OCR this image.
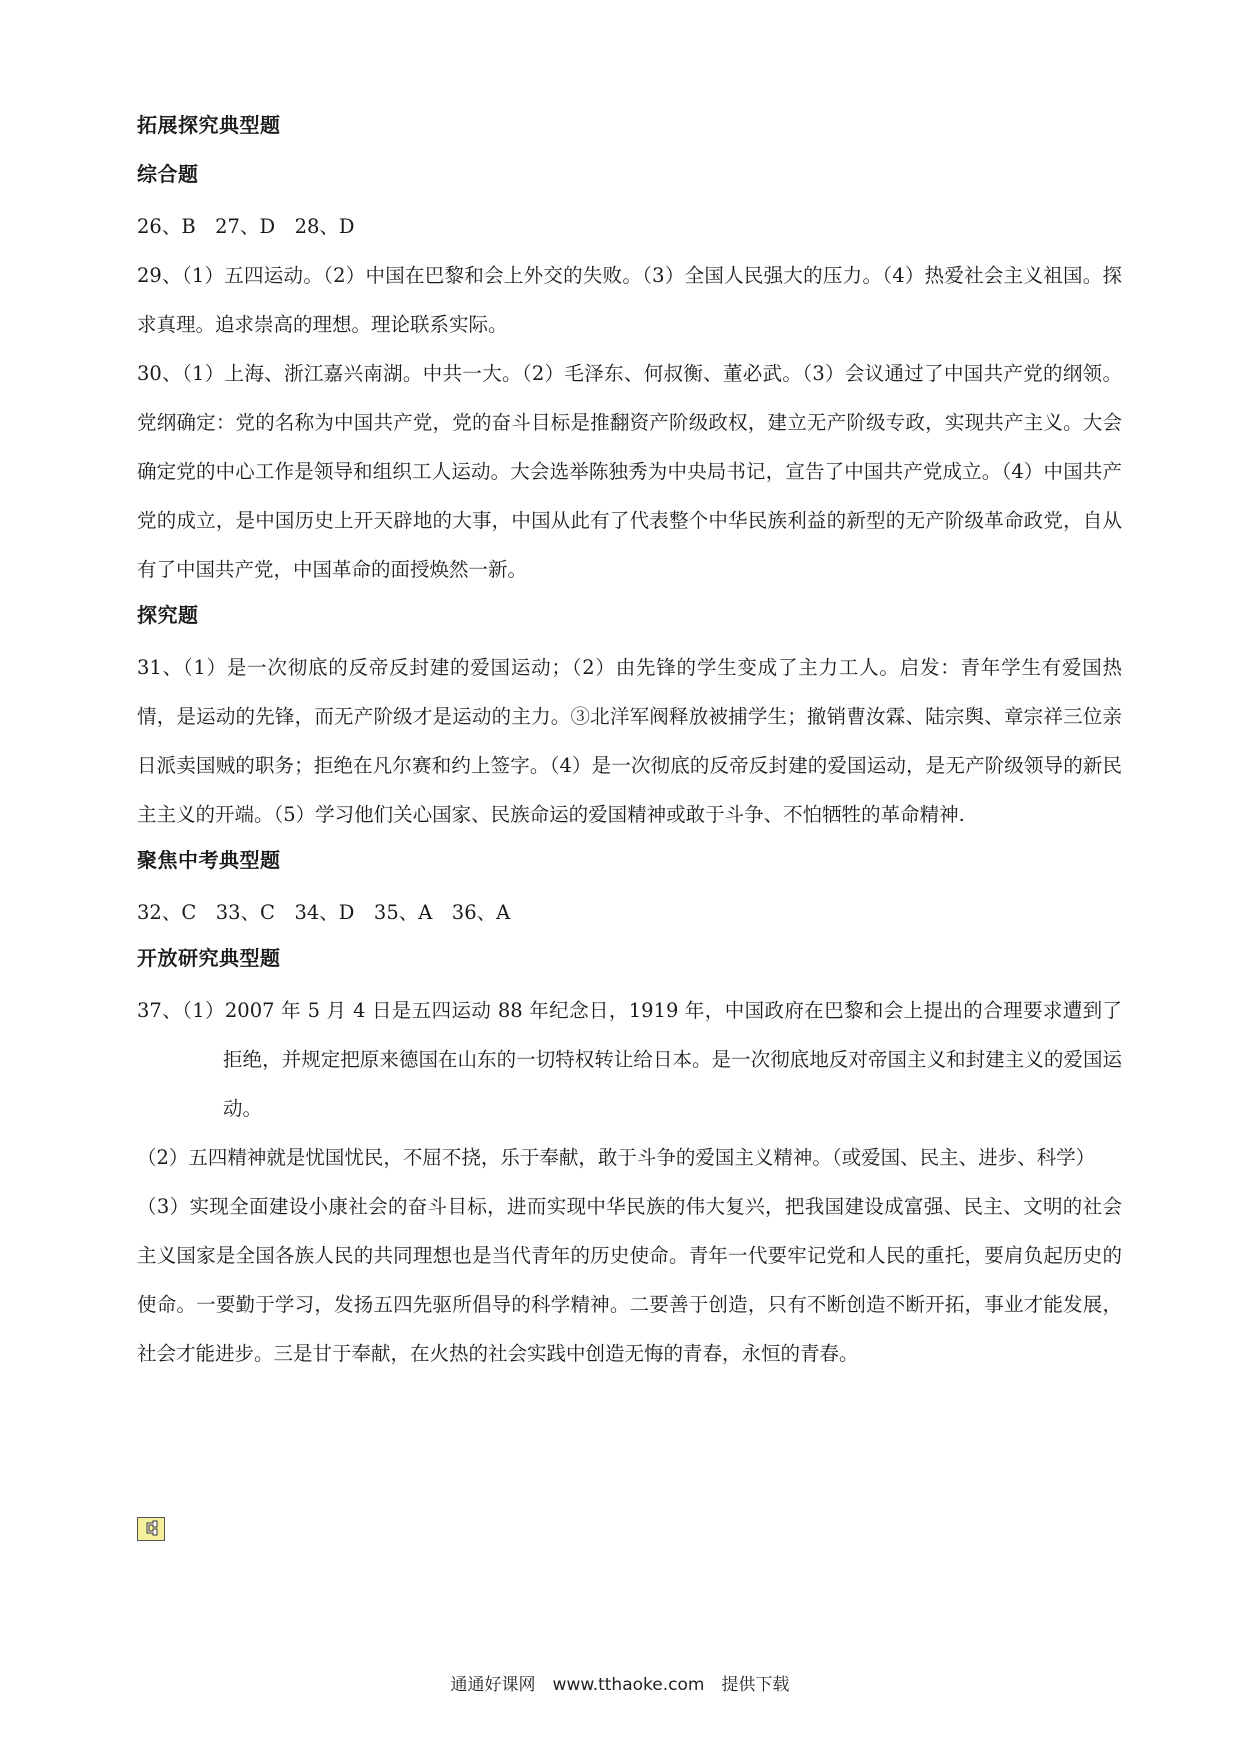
拓展探究典型题
综合题
26、B　27、D　28、D
29、（1）五四运动。（2）中国在巴黎和会上外交的失败。（3）全国人民强大的压力。（4）热爱社会主义祖国。探求真理。追求崇高的理想。理论联系实际。
30、（1）上海、浙江嘉兴南湖。中共一大。（2）毛泽东、何叔衡、董必武。（3）会议通过了中国共产党的纲领。党纲确定：党的名称为中国共产党，党的奋斗目标是推翻资产阶级政权，建立无产阶级专政，实现共产主义。大会确定党的中心工作是领导和组织工人运动。大会选举陈独秀为中央局书记，宣告了中国共产党成立。（4）中国共产党的成立，是中国历史上开天辟地的大事，中国从此有了代表整个中华民族利益的新型的无产阶级革命政党，自从有了中国共产党，中国革命的面授焕然一新。
探究题
31、（1）是一次彻底的反帝反封建的爱国运动；（2）由先锋的学生变成了主力工人。启发：青年学生有爱国热情，是运动的先锋，而无产阶级才是运动的主力。③北洋军阀释放被捕学生；撤销曹汝霖、陆宗舆、章宗祥三位亲日派卖国贼的职务；拒绝在凡尔赛和约上签字。（4）是一次彻底的反帝反封建的爱国运动，是无产阶级领导的新民主主义的开端。（5）学习他们关心国家、民族命运的爱国精神或敢于斗争、不怕牺牲的革命精神.
聚焦中考典型题
32、C　33、C　34、D　35、A　36、A
开放研究典型题
37、（1）2007 年 5 月 4 日是五四运动 88 年纪念日，1919 年，中国政府在巴黎和会上提出的合理要求遭到了拒绝，并规定把原来德国在山东的一切特权转让给日本。是一次彻底地反对帝国主义和封建主义的爱国运动。
（2）五四精神就是忧国忧民，不屈不挠，乐于奉献，敢于斗争的爱国主义精神。（或爱国、民主、进步、科学）
（3）实现全面建设小康社会的奋斗目标，进而实现中华民族的伟大复兴，把我国建设成富强、民主、文明的社会主义国家是全国各族人民的共同理想也是当代青年的历史使命。青年一代要牢记党和人民的重托，要肩负起历史的使命。一要勤于学习，发扬五四先驱所倡导的科学精神。二要善于创造，只有不断创造不断开拓，事业才能发展，社会才能进步。三是甘于奉献，在火热的社会实践中创造无悔的青春，永恒的青春。
通通好课网　www.tthaoke.com　提供下载
